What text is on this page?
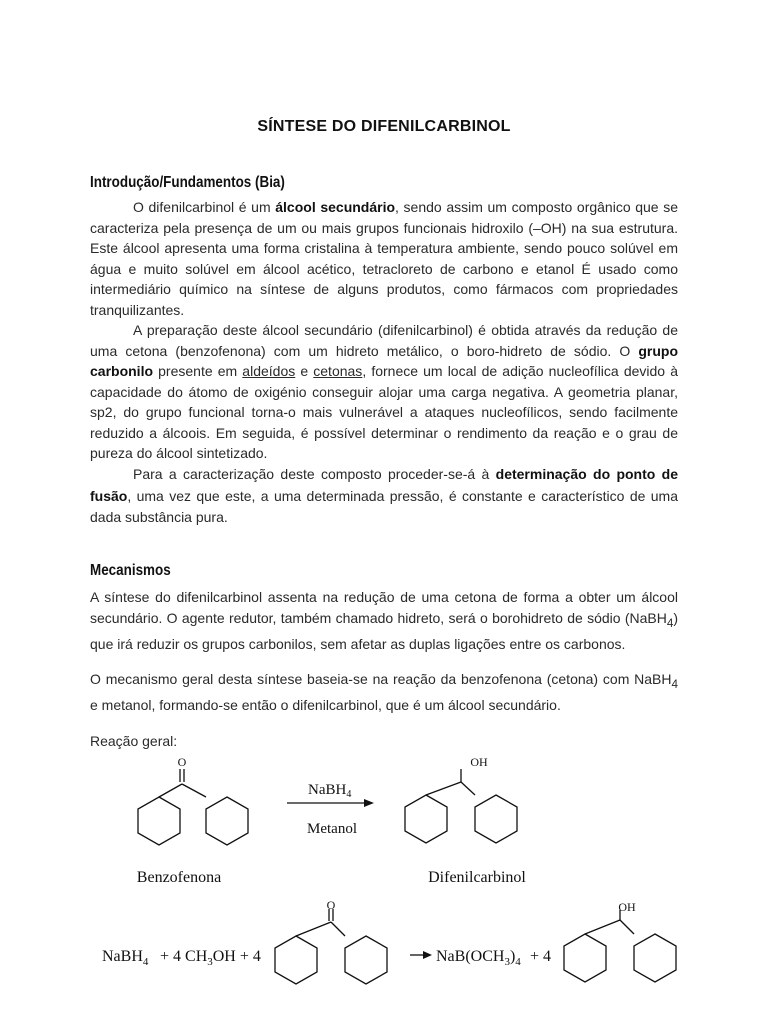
SÍNTESE DO DIFENILCARBINOL
Introdução/Fundamentos (Bia)

O difenilcarbinol é um álcool secundário, sendo assim um composto orgânico que se caracteriza pela presença de um ou mais grupos funcionais hidroxilo (–OH) na sua estrutura. Este álcool apresenta uma forma cristalina à temperatura ambiente, sendo pouco solúvel em água e muito solúvel em álcool acético, tetracloreto de carbono e etanol É usado como intermediário químico na síntese de alguns produtos, como fármacos com propriedades tranquilizantes.

A preparação deste álcool secundário (difenilcarbinol) é obtida através da redução de uma cetona (benzofenona) com um hidreto metálico, o boro-hidreto de sódio. O grupo carbonilo presente em aldeídos e cetonas, fornece um local de adição nucleofílica devido à capacidade do átomo de oxigénio conseguir alojar uma carga negativa. A geometria planar, sp2, do grupo funcional torna-o mais vulnerável a ataques nucleofílicos, sendo facilmente reduzido a álcoois. Em seguida, é possível determinar o rendimento da reação e o grau de pureza do álcool sintetizado.

Para a caracterização deste composto proceder-se-á à determinação do ponto de fusão, uma vez que este, a uma determinada pressão, é constante e característico de uma dada substância pura.

Mecanismos

A síntese do difenilcarbinol assenta na redução de uma cetona de forma a obter um álcool secundário. O agente redutor, também chamado hidreto, será o borohidreto de sódio (NaBH$_4$) que irá reduzir os grupos carbonilos, sem afetar as duplas ligações entre os carbonos.

O mecanismo geral desta síntese baseia-se na reação da benzofenona (cetona) com NaBH$_4$ e metanol, formando-se então o difenilcarbinol, que é um álcool secundário.

Reação geral:
O
Benzofenona
NaBH$_4$
Metanol
OH
Difenilcarbinol
NaBH$_4$ + 4 $CH_3OH + 4$
O
$NaB(OCH_3)_4 + 4$
OH
